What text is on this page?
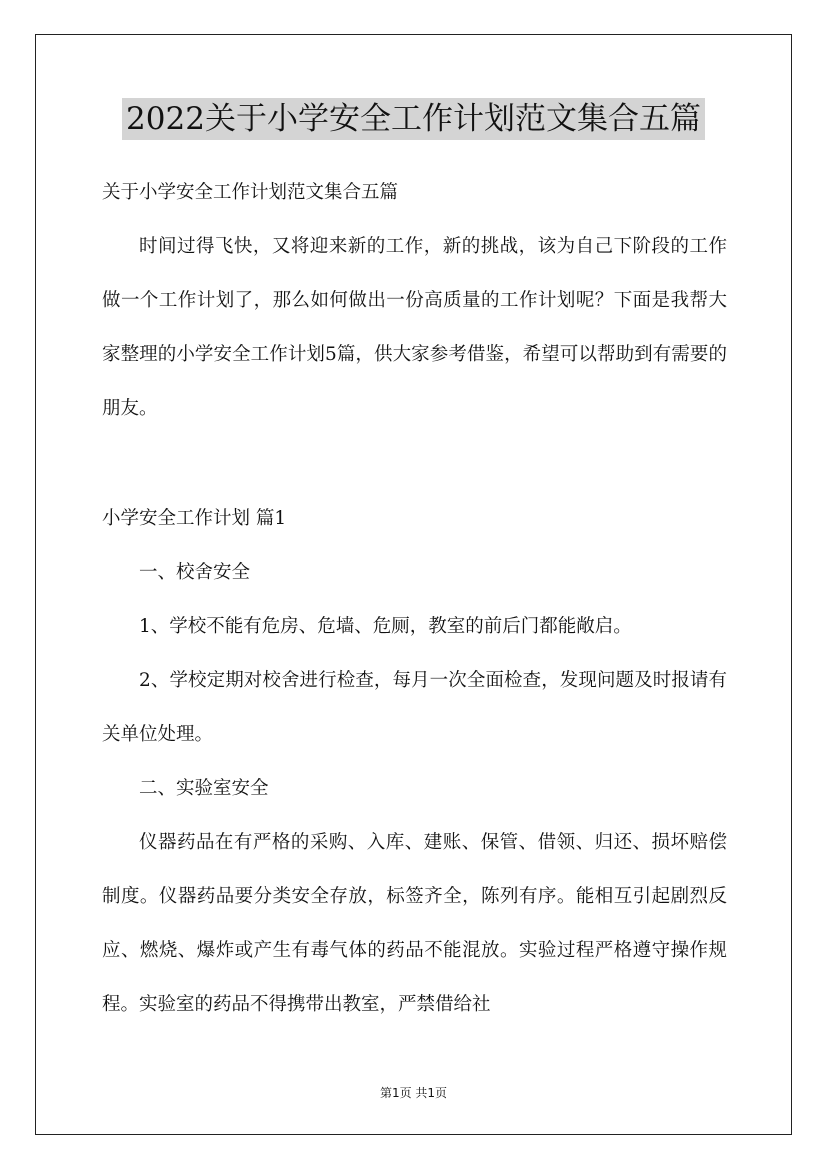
2022关于小学安全工作计划范文集合五篇

关于小学安全工作计划范文集合五篇

时间过得飞快，又将迎来新的工作，新的挑战，该为自己下阶段的工作做一个工作计划了，那么如何做出一份高质量的工作计划呢？下面是我帮大家整理的小学安全工作计划5篇，供大家参考借鉴，希望可以帮助到有需要的朋友。

小学安全工作计划 篇1

一、校舍安全

1、学校不能有危房、危墙、危厕，教室的前后门都能敞启。

2、学校定期对校舍进行检查，每月一次全面检查，发现问题及时报请有关单位处理。

二、实验室安全

仪器药品在有严格的采购、入库、建账、保管、借领、归还、损坏赔偿制度。仪器药品要分类安全存放，标签齐全，陈列有序。能相互引起剧烈反应、燃烧、爆炸或产生有毒气体的药品不能混放。实验过程严格遵守操作规程。实验室的药品不得携带出教室，严禁借给社

第1页 共1页
